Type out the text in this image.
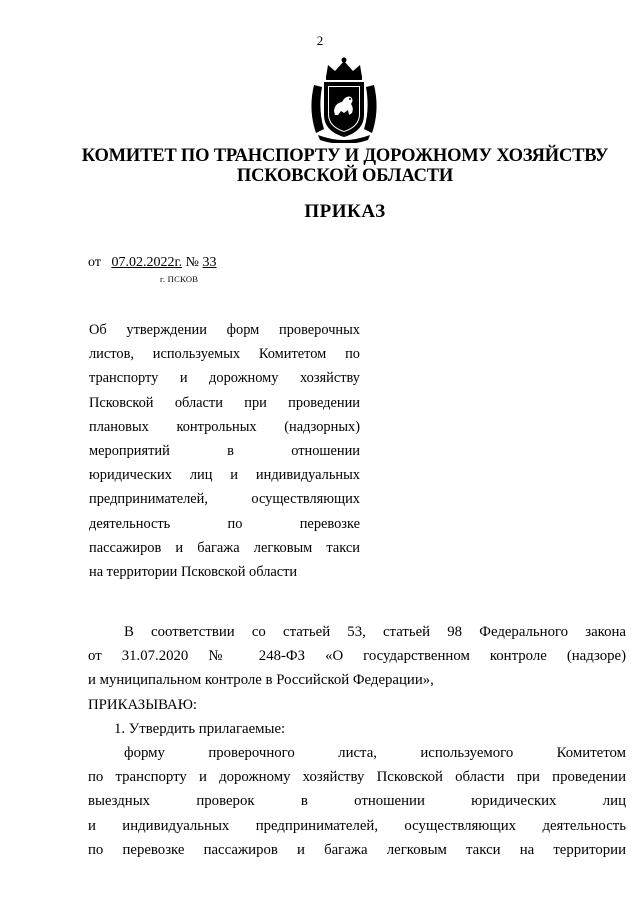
2
КОМИТЕТ ПО ТРАНСПОРТУ И ДОРОЖНОМУ ХОЗЯЙСТВУ
ПСКОВСКОЙ ОБЛАСТИ
ПРИКАЗ
от 07.02.2022г. № 33
г. ПСКОВ
Об утверждении форм проверочных
листов, используемых Комитетом по
транспорту и дорожному хозяйству
Псковской области при проведении
плановых контрольных (надзорных)
мероприятий в отношении
юридических лиц и индивидуальных
предпринимателей, осуществляющих
деятельность по перевозке
пассажиров и багажа легковым такси
на территории Псковской области
В соответствии со статьей 53, статьей 98 Федерального закона
от 31.07.2020 № 248-ФЗ «О государственном контроле (надзоре)
и муниципальном контроле в Российской Федерации»,
ПРИКАЗЫВАЮ:
1. Утвердить прилагаемые:
форму проверочного листа, используемого Комитетом
по транспорту и дорожному хозяйству Псковской области при проведении
выездных проверок в отношении юридических лиц
и индивидуальных предпринимателей, осуществляющих деятельность
по перевозке пассажиров и багажа легковым такси на территории
